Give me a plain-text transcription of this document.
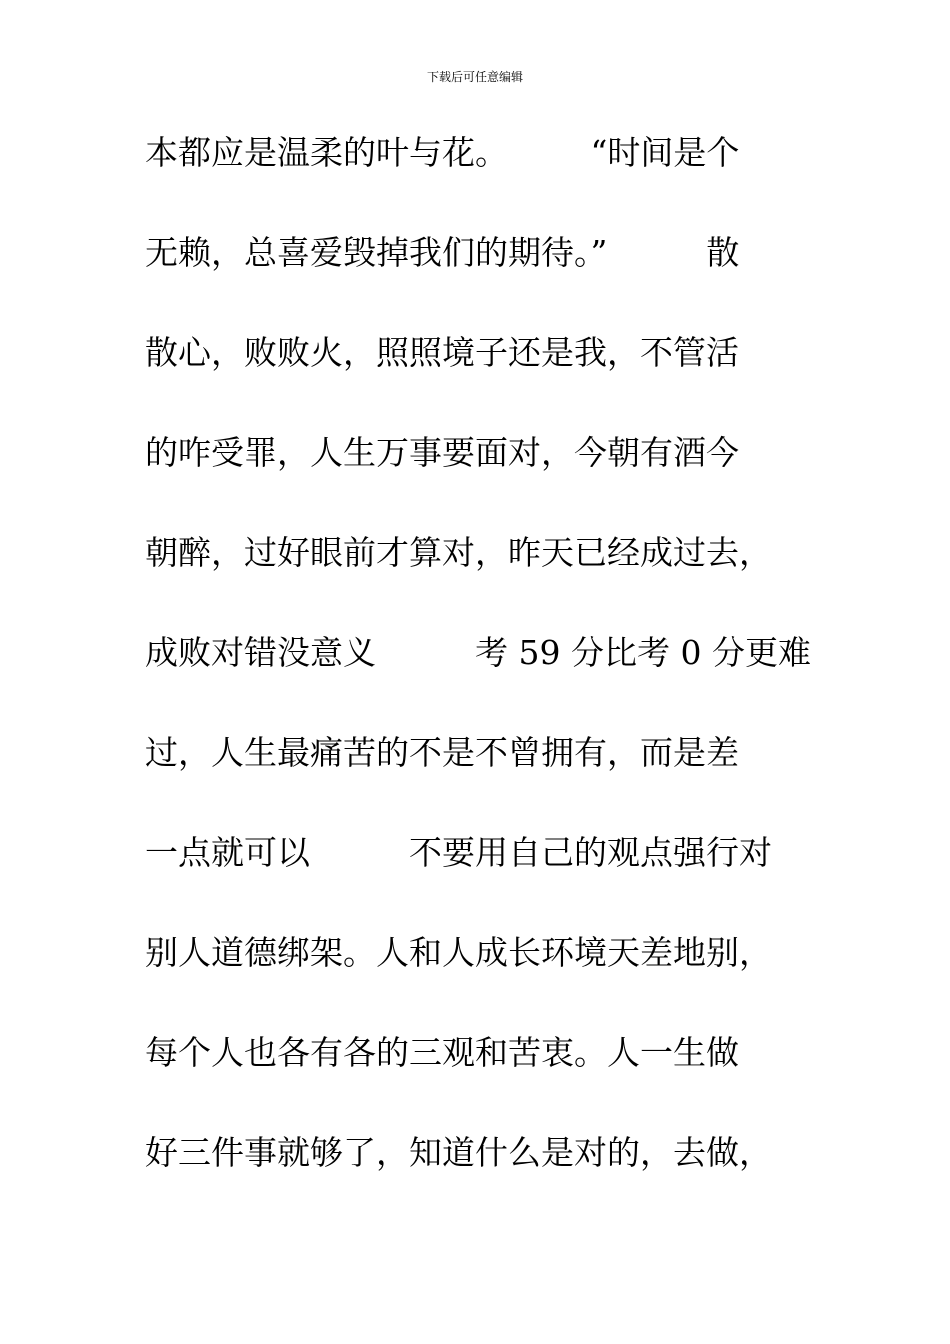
下载后可任意编辑
本都应是温柔的叶与花。　　　“时间是个
无赖，总喜爱毁掉我们的期待。”　　　散
散心，败败火，照照境子还是我，不管活
的咋受罪，人生万事要面对，今朝有酒今
朝醉，过好眼前才算对，昨天已经成过去，
成败对错没意义　　　考 59 分比考 0 分更难
过，人生最痛苦的不是不曾拥有，而是差
一点就可以　　　不要用自己的观点强行对
别人道德绑架。人和人成长环境天差地别，
每个人也各有各的三观和苦衷。人一生做
好三件事就够了，知道什么是对的，去做，
